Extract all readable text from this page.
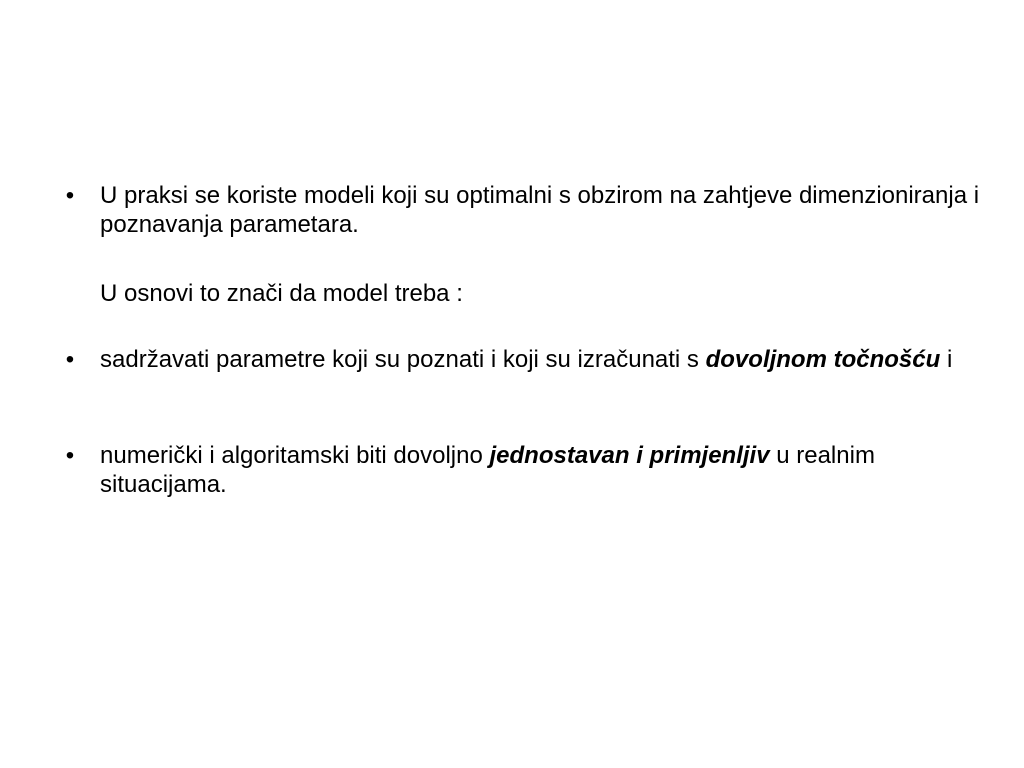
• U praksi se koriste modeli koji su optimalni s obzirom na zahtjeve dimenzioniranja i poznavanja parametara.
U osnovi to znači da model treba :
• sadržavati parametre koji su poznati i koji su izračunati s dovoljnom točnošću i
• numerički i algoritamski biti dovoljno jednostavan i primjenljiv u realnim situacijama.
